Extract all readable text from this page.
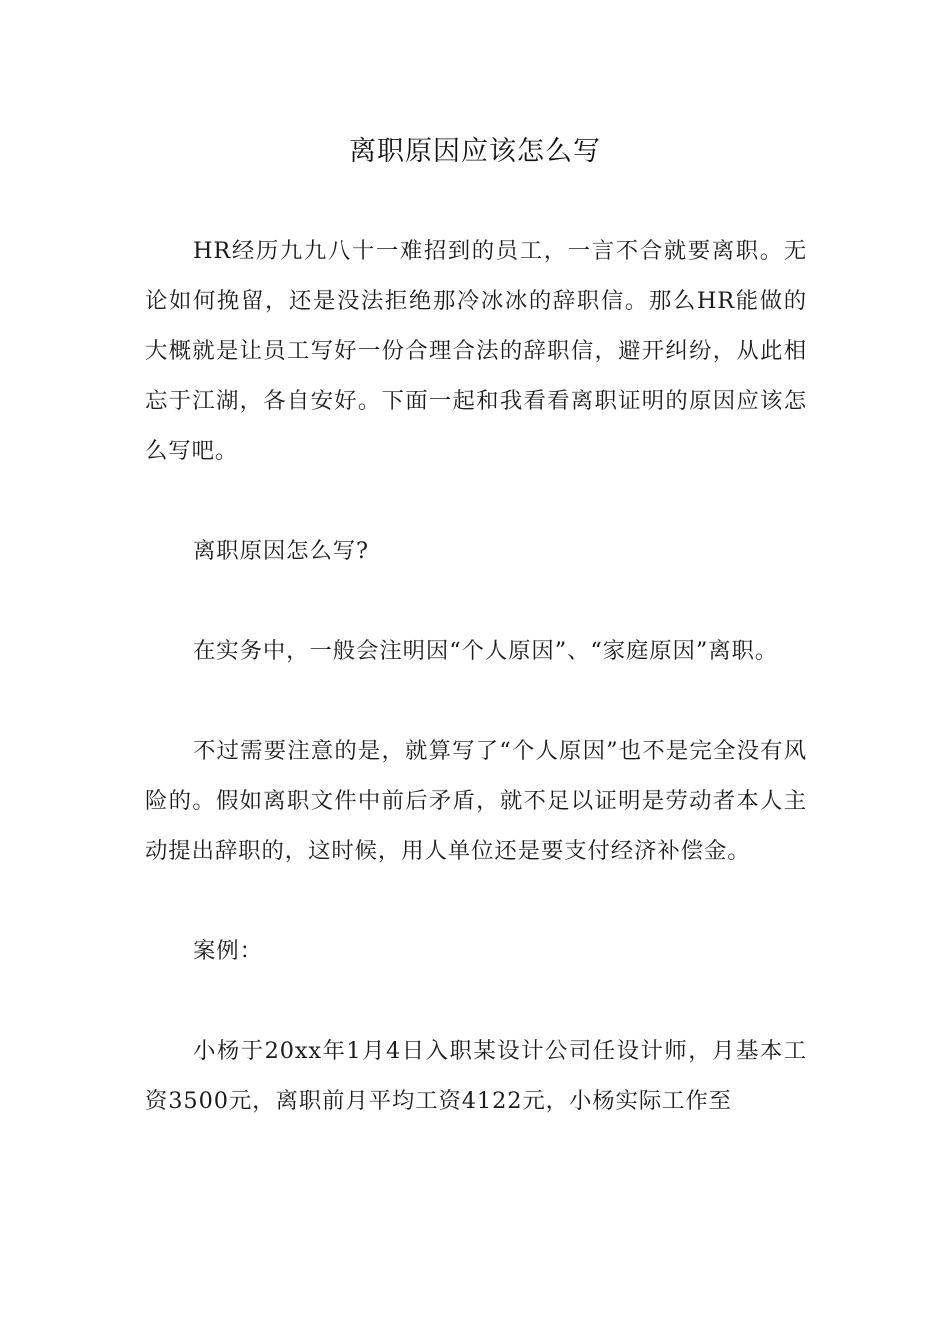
离职原因应该怎么写

HR经历九九八十一难招到的员工，一言不合就要离职。无论如何挽留，还是没法拒绝那冷冰冰的辞职信。那么HR能做的大概就是让员工写好一份合理合法的辞职信，避开纠纷，从此相忘于江湖，各自安好。下面一起和我看看离职证明的原因应该怎么写吧。

离职原因怎么写?

在实务中，一般会注明因“个人原因”、“家庭原因”离职。

不过需要注意的是，就算写了“个人原因”也不是完全没有风险的。假如离职文件中前后矛盾，就不足以证明是劳动者本人主动提出辞职的，这时候，用人单位还是要支付经济补偿金。

案例：

小杨于20xx年1月4日入职某设计公司任设计师，月基本工资3500元，离职前月平均工资4122元，小杨实际工作至
